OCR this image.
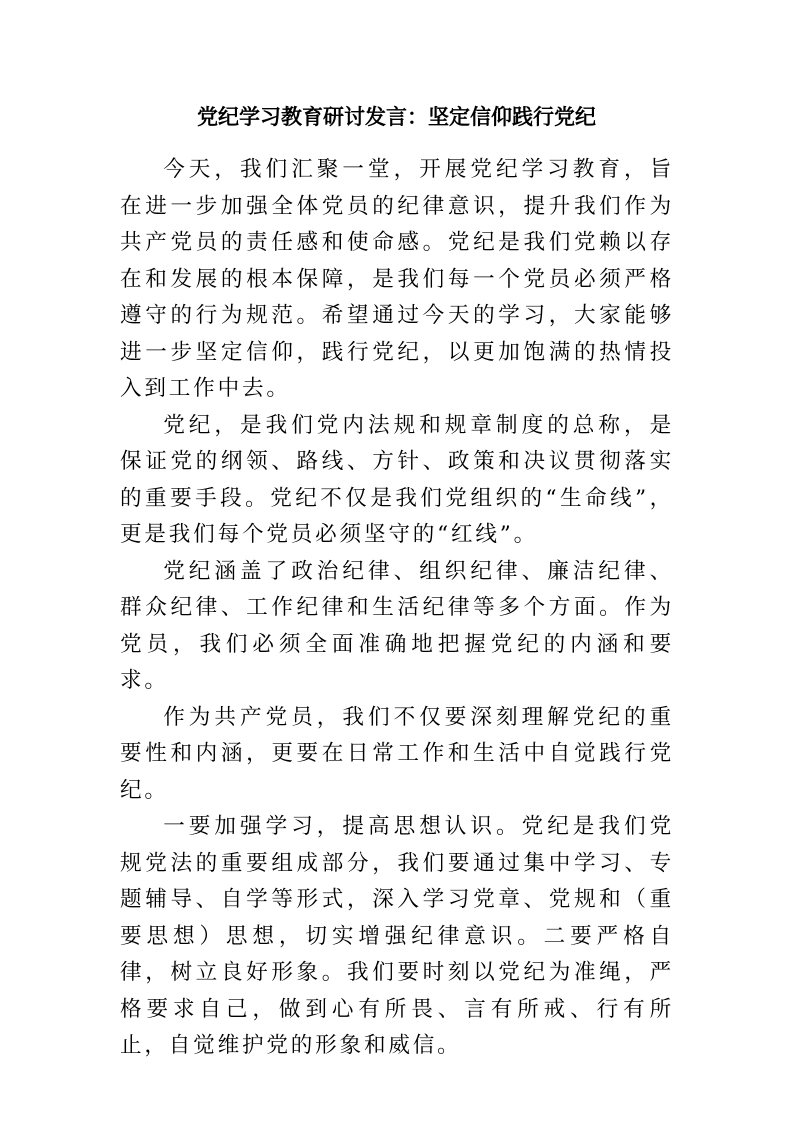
党纪学习教育研讨发言：坚定信仰践行党纪

今天，我们汇聚一堂，开展党纪学习教育，旨在进一步加强全体党员的纪律意识，提升我们作为共产党员的责任感和使命感。党纪是我们党赖以存在和发展的根本保障，是我们每一个党员必须严格遵守的行为规范。希望通过今天的学习，大家能够进一步坚定信仰，践行党纪，以更加饱满的热情投入到工作中去。

党纪，是我们党内法规和规章制度的总称，是保证党的纲领、路线、方针、政策和决议贯彻落实的重要手段。党纪不仅是我们党组织的“生命线”，更是我们每个党员必须坚守的“红线”。

党纪涵盖了政治纪律、组织纪律、廉洁纪律、群众纪律、工作纪律和生活纪律等多个方面。作为党员，我们必须全面准确地把握党纪的内涵和要求。

作为共产党员，我们不仅要深刻理解党纪的重要性和内涵，更要在日常工作和生活中自觉践行党纪。

一要加强学习，提高思想认识。党纪是我们党规党法的重要组成部分，我们要通过集中学习、专题辅导、自学等形式，深入学习党章、党规和（重要思想）思想，切实增强纪律意识。二要严格自律，树立良好形象。我们要时刻以党纪为准绳，严格要求自己，做到心有所畏、言有所戒、行有所止，自觉维护党的形象和威信。
